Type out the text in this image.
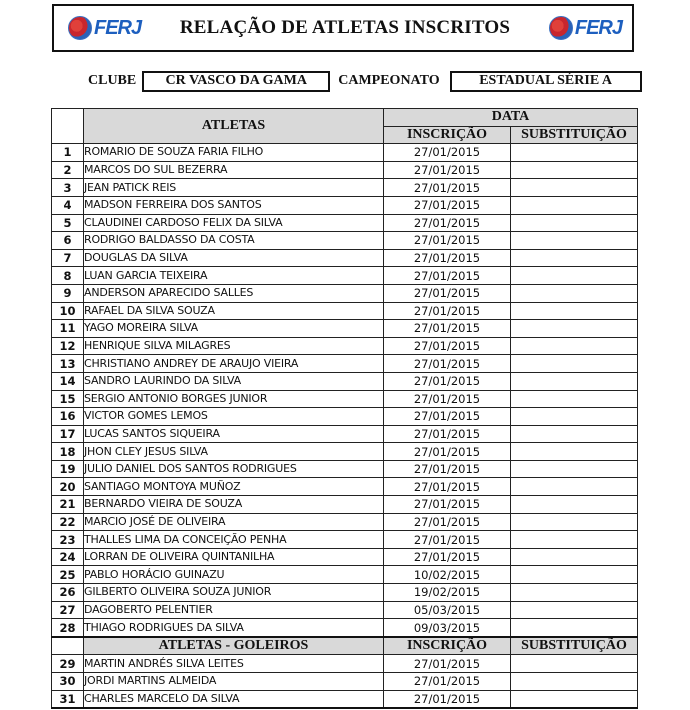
FERJ RELAÇÃO DE ATLETAS INSCRITOS	FERJ
CLUBE	CR VASCO DA GAMA	CAMPEONATO	ESTADUAL SÉRIE A
	ATLETAS	DATA	
		INSCRIÇÃO	SUBSTITUIÇÃO
1	ROMARIO DE SOUZA FARIA FILHO	27/01/2015	
2	MARCOS DO SUL BEZERRA	27/01/2015	
3	JEAN PATICK REIS	27/01/2015	
4	MADSON FERREIRA DOS SANTOS	27/01/2015	
5	CLAUDINEI CARDOSO FELIX DA SILVA	27/01/2015	
6	RODRIGO BALDASSO DA COSTA	27/01/2015	
7	DOUGLAS DA SILVA	27/01/2015	
8	LUAN GARCIA TEIXEIRA	27/01/2015	
9	ANDERSON APARECIDO SALLES	27/01/2015	
10	RAFAEL DA SILVA SOUZA	27/01/2015	
11	YAGO MOREIRA SILVA	27/01/2015	
12	HENRIQUE SILVA MILAGRES	27/01/2015	
13	CHRISTIANO ANDREY DE ARAUJO VIEIRA	27/01/2015	
14	SANDRO LAURINDO DA SILVA	27/01/2015	
15	SERGIO ANTONIO BORGES JUNIOR	27/01/2015	
16	VICTOR GOMES LEMOS	27/01/2015	
17	LUCAS SANTOS SIQUEIRA	27/01/2015	
18	JHON CLEY JESUS SILVA	27/01/2015	
19	JULIO DANIEL DOS SANTOS RODRIGUES	27/01/2015	
20	SANTIAGO MONTOYA MUÑOZ	27/01/2015	
21	BERNARDO VIEIRA DE SOUZA	27/01/2015	
22	MARCIO JOSÉ DE OLIVEIRA	27/01/2015	
23	THALLES LIMA DA CONCEIÇÃO PENHA	27/01/2015	
24	LORRAN DE OLIVEIRA QUINTANILHA	27/01/2015	
25	PABLO HORÁCIO GUINAZU	10/02/2015	
26	GILBERTO OLIVEIRA SOUZA JUNIOR	19/02/2015	
27	DAGOBERTO PELENTIER	05/03/2015	
28	THIAGO RODRIGUES DA SILVA	09/03/2015	
	ATLETAS - GOLEIROS	INSCRIÇÃO	SUBSTITUIÇÃO
29	MARTIN ANDRÉS SILVA LEITES	27/01/2015	
30	JORDI MARTINS ALMEIDA	27/01/2015	
31	CHARLES MARCELO DA SILVA	27/01/2015	
